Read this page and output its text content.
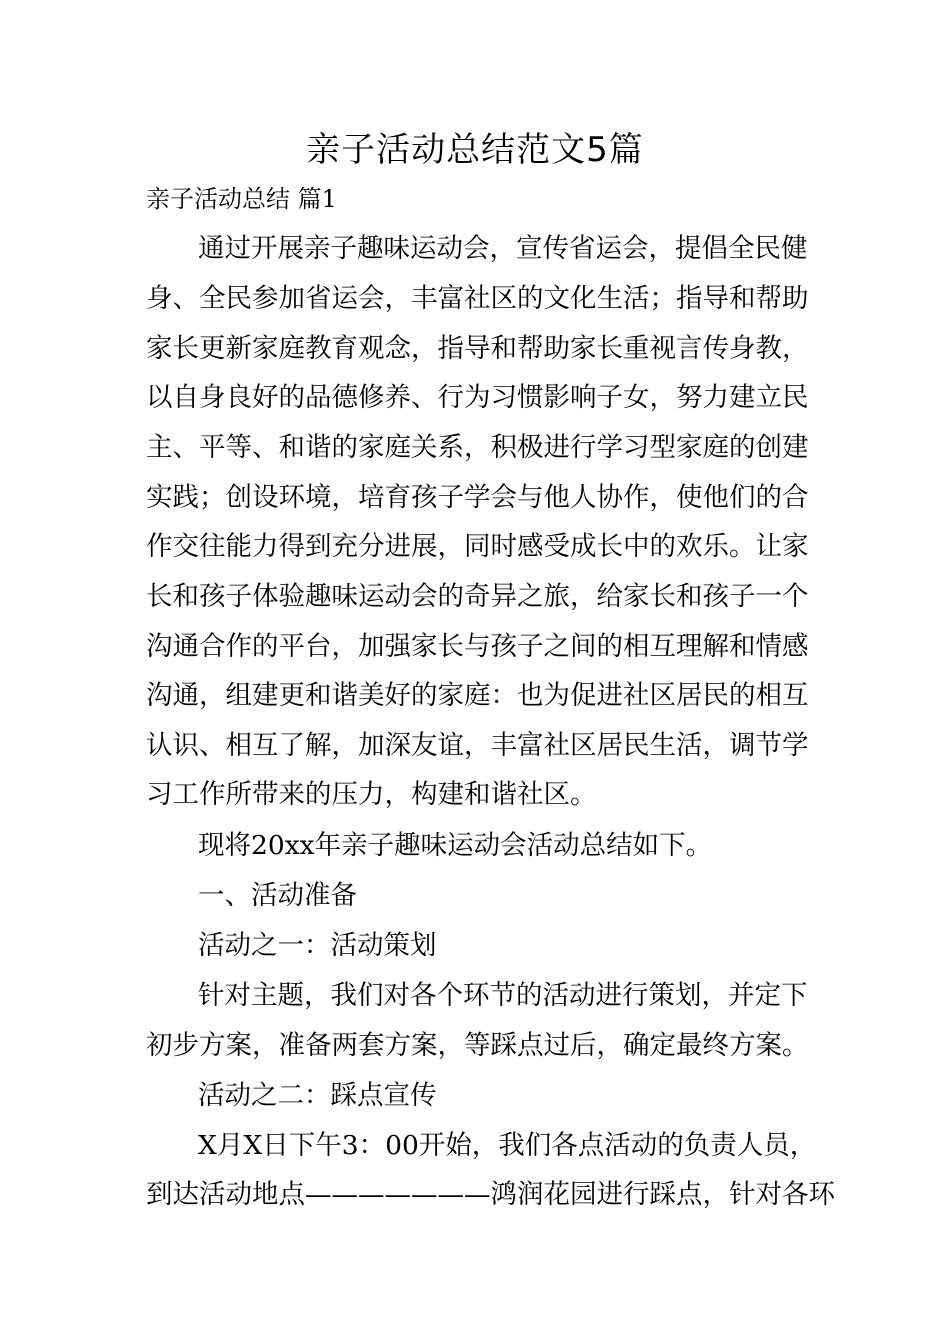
亲子活动总结范文5篇
亲子活动总结 篇1
通过开展亲子趣味运动会，宣传省运会，提倡全民健
身、全民参加省运会，丰富社区的文化生活；指导和帮助
家长更新家庭教育观念，指导和帮助家长重视言传身教，
以自身良好的品德修养、行为习惯影响子女，努力建立民
主、平等、和谐的家庭关系，积极进行学习型家庭的创建
实践；创设环境，培育孩子学会与他人协作，使他们的合
作交往能力得到充分进展，同时感受成长中的欢乐。让家
长和孩子体验趣味运动会的奇异之旅，给家长和孩子一个
沟通合作的平台，加强家长与孩子之间的相互理解和情感
沟通，组建更和谐美好的家庭：也为促进社区居民的相互
认识、相互了解，加深友谊，丰富社区居民生活，调节学
习工作所带来的压力，构建和谐社区。
现将20xx年亲子趣味运动会活动总结如下。
一、活动准备
活动之一：活动策划
针对主题，我们对各个环节的活动进行策划，并定下
初步方案，准备两套方案，等踩点过后，确定最终方案。
活动之二：踩点宣传
X月X日下午3：00开始，我们各点活动的负责人员，
到达活动地点———————鸿润花园进行踩点，针对各环
